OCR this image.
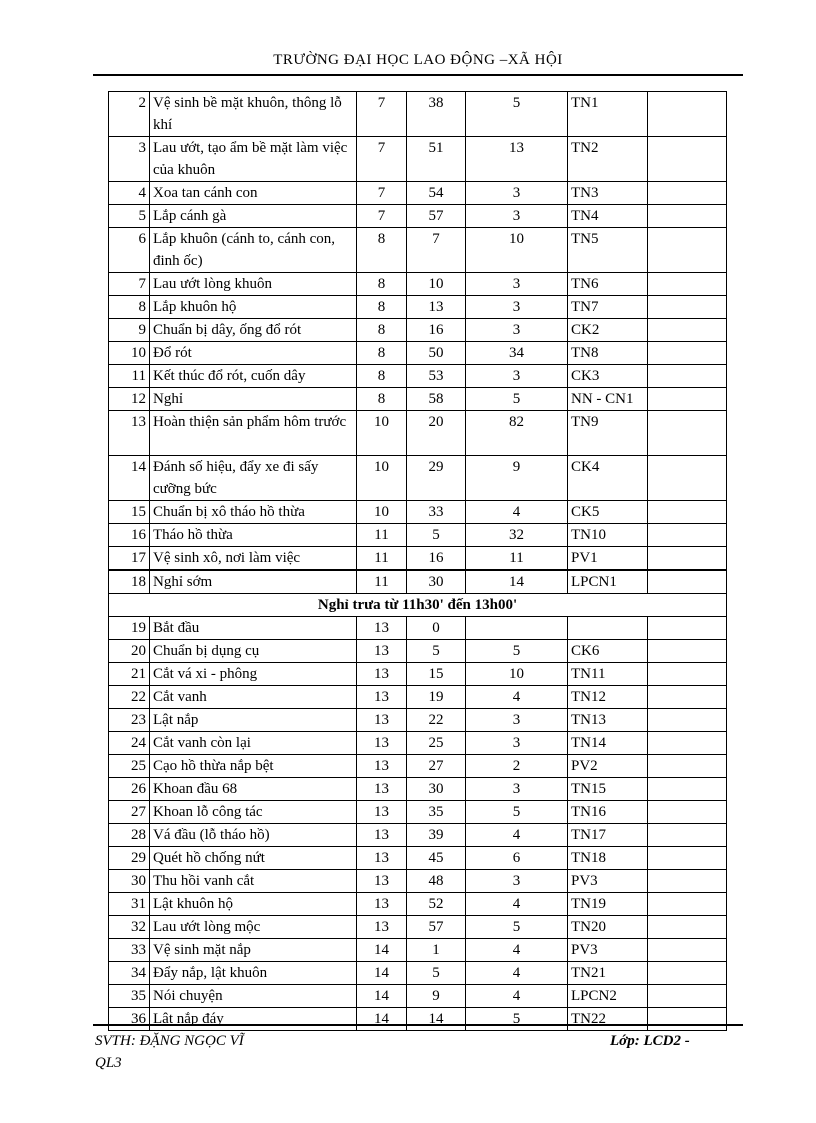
TRƯỜNG ĐẠI HỌC LAO ĐỘNG –XÃ HỘI
2	Vệ sinh bề mặt khuôn, thông lỗ khí	7	38	5	TN1	
3	Lau ướt, tạo ẩm bề mặt làm việc của khuôn	7	51	13	TN2	
4	Xoa tan cánh con	7	54	3	TN3	
5	Lắp cánh gà	7	57	3	TN4	
6	Lắp khuôn (cánh to, cánh con, đinh ốc)	8	7	10	TN5	
7	Lau ướt lòng khuôn	8	10	3	TN6	
8	Lắp khuôn hộ	8	13	3	TN7	
9	Chuẩn bị dây, ống đổ rót	8	16	3	CK2	
10	Đổ rót	8	50	34	TN8	
11	Kết thúc đổ rót, cuốn dây	8	53	3	CK3	
12	Nghỉ	8	58	5	NN - CN1	
13	Hoàn thiện sản phẩm hôm trước	10	20	82	TN9	
14	Đánh số hiệu, đẩy xe đi sấy cưỡng bức	10	29	9	CK4	
15	Chuẩn bị xô tháo hồ thừa	10	33	4	CK5	
16	Tháo hồ thừa	11	5	32	TN10	
17	Vệ sinh xô, nơi làm việc	11	16	11	PV1	
18	Nghỉ sớm	11	30	14	LPCN1	
Nghỉ trưa từ 11h30' đến 13h00'						
19	Bắt đầu	13	0			
20	Chuẩn bị dụng cụ	13	5	5	CK6	
21	Cắt vá xi - phông	13	15	10	TN11	
22	Cắt vanh	13	19	4	TN12	
23	Lật nắp	13	22	3	TN13	
24	Cắt vanh còn lại	13	25	3	TN14	
25	Cạo hồ thừa nắp bệt	13	27	2	PV2	
26	Khoan đầu 68	13	30	3	TN15	
27	Khoan lỗ công tác	13	35	5	TN16	
28	Vá đầu (lỗ tháo hồ)	13	39	4	TN17	
29	Quét hồ chống nứt	13	45	6	TN18	
30	Thu hồi vanh cắt	13	48	3	PV3	
31	Lật khuôn hộ	13	52	4	TN19	
32	Lau ướt lòng mộc	13	57	5	TN20	
33	Vệ sinh mặt nắp	14	1	4	PV3	
34	Đẩy nắp, lật khuôn	14	5	4	TN21	
35	Nói chuyện	14	9	4	LPCN2	
36	Lật nắp đáy	14	14	5	TN22	
SVTH: ĐẶNG NGỌC VĨ
QL3
Lớp: LCD2 -
